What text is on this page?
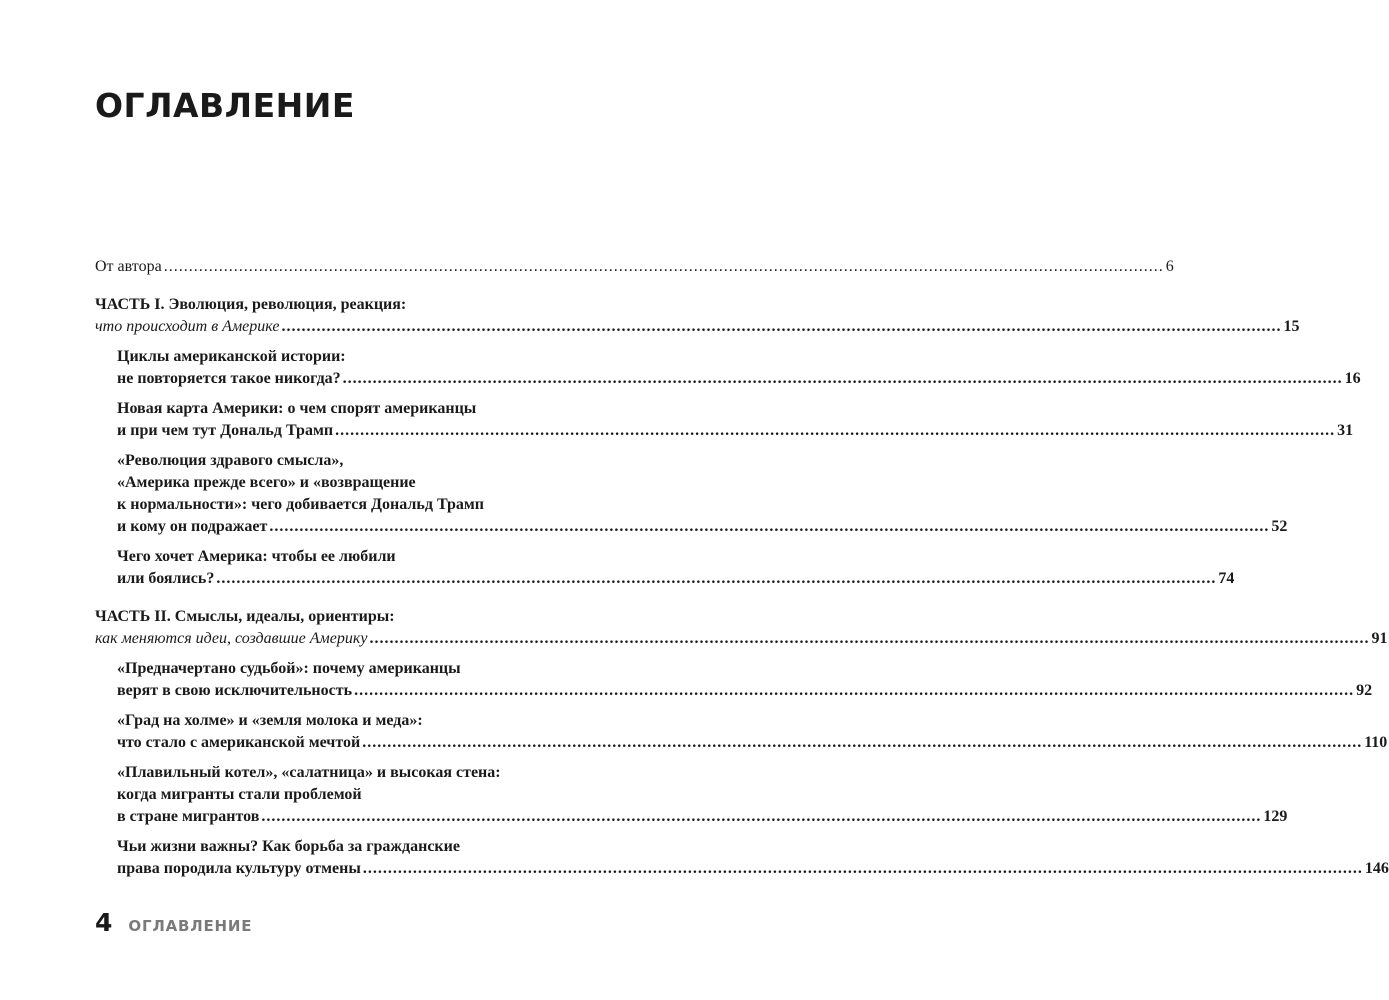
ОГЛАВЛЕНИЕ
От автора ........................................................................................................................................................................................................ 6
ЧАСТЬ I. Эволюция, революция, реакция:
что происходит в Америке ........................................................................................................................................................................................................ 15
Циклы американской истории:
не повторяется такое никогда? ........................................................................................................................................................................................................ 16
Новая карта Америки: о чем спорят американцы
и при чем тут Дональд Трамп ........................................................................................................................................................................................................ 31
«Революция здравого смысла»,
«Америка прежде всего» и «возвращение
к нормальности»: чего добивается Дональд Трамп
и кому он подражает ........................................................................................................................................................................................................ 52
Чего хочет Америка: чтобы ее любили
или боялись? ........................................................................................................................................................................................................ 74
ЧАСТЬ II. Смыслы, идеалы, ориентиры:
как меняются идеи, создавшие Америку ........................................................................................................................................................................................................ 91
«Предначертано судьбой»: почему американцы
верят в свою исключительность ........................................................................................................................................................................................................ 92
«Град на холме» и «земля молока и меда»:
что стало с американской мечтой ........................................................................................................................................................................................................ 110
«Плавильный котел», «салатница» и высокая стена:
когда мигранты стали проблемой
в стране мигрантов ........................................................................................................................................................................................................ 129
Чьи жизни важны? Как борьба за гражданские
права породила культуру отмены ........................................................................................................................................................................................................ 146
4 ОГЛАВЛЕНИЕ
